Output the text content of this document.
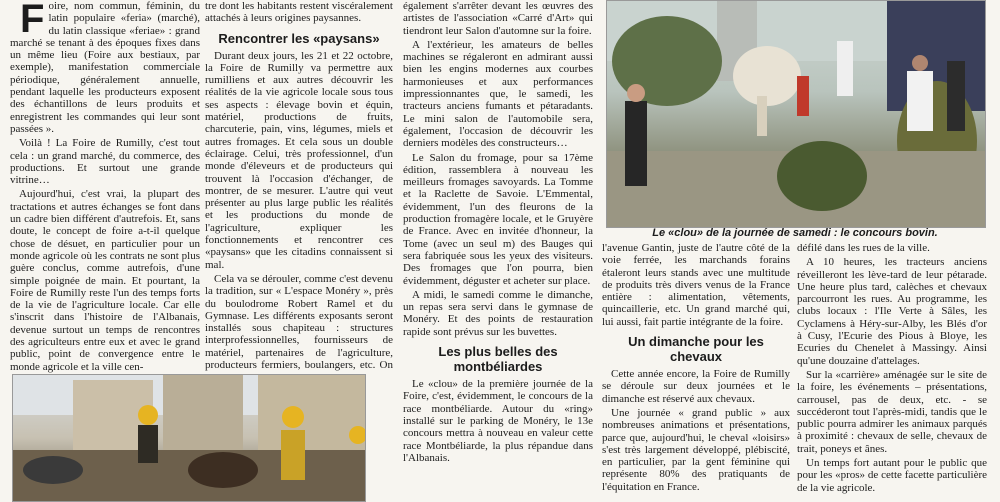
F oire, nom commun, féminin, du latin populaire «feria» (marché), du latin classique «feriae» : grand marché se tenant à des époques fixes dans un même lieu (Foire aux bestiaux, par exemple), manifestation commerciale périodique, généralement annuelle, pendant laquelle les producteurs exposent des échantillons de leurs produits et enregistrent les commandes qui leur sont passées ».

Voilà ! La Foire de Rumilly, c'est tout cela : un grand marché, du commerce, des productions. Et surtout une grande vitrine…

Aujourd'hui, c'est vrai, la plupart des tractations et autres échanges se font dans un cadre bien différent d'autrefois. Et, sans doute, le concept de foire a-t-il quelque chose de désuet, en particulier pour un monde agricole où les contrats ne sont plus guère conclus, comme autrefois, d'une simple poignée de main. Et pourtant, la Foire de Rumilly reste l'un des temps forts de la vie de l'agriculture locale. Car elle s'inscrit dans l'histoire de l'Albanais, devenue surtout un temps de rencontres des agriculteurs entre eux et avec le grand public, point de convergence entre le monde agricole et la ville cen-

tre dont les habitants restent viscéralement attachés à leurs origines paysannes.

Rencontrer les «paysans»

Durant deux jours, les 21 et 22 octobre, la Foire de Rumilly va permettre aux rumilliens et aux autres découvrir les réalités de la vie agricole locale sous tous ses aspects : élevage bovin et équin, matériel, productions de fruits, charcuterie, pain, vins, légumes, miels et autres fromages. Et cela sous un double éclairage. Celui, très professionnel, d'un monde d'éleveurs et de producteurs qui trouvent là l'occasion d'échanger, de montrer, de se mesurer. L'autre qui veut présenter au plus large public les réalités et les productions du monde de l'agriculture, expliquer les fonctionnements et rencontrer ces «paysans» que les citadins connaissent si mal.

Cela va se dérouler, comme c'est devenu la tradition, sur « L'espace Monéry », près du boulodrome Robert Ramel et du Gymnase. Les différents exposants seront installés sous chapiteau : structures interprofessionnelles, fournisseurs de matériel, partenaires de l'agriculture, producteurs fermiers, boulangers, etc. On

également s'arrêter devant les œuvres des artistes de l'association «Carré d'Art» qui tiendront leur Salon d'automne sur la foire.

A l'extérieur, les amateurs de belles machines se régaleront en admirant aussi bien les engins modernes aux courbes harmonieuses et aux performances impressionnantes que, le samedi, les tracteurs anciens fumants et pétaradants. Le mini salon de l'automobile sera, également, l'occasion de découvrir les derniers modèles des constructeurs…

Le Salon du fromage, pour sa 17ème édition, rassemblera à nouveau les meilleurs fromages savoyards. La Tomme et la Raclette de Savoie. L'Emmental, évidemment, l'un des fleurons de la production fromagère locale, et le Gruyère de France. Avec en invitée d'honneur, la Tome (avec un seul m) des Bauges qui sera fabriquée sous les yeux des visiteurs. Des fromages que l'on pourra, bien évidemment, déguster et acheter sur place.

A midi, le samedi comme le dimanche, un repas sera servi dans le gymnase de Monéry. Et des points de restauration rapide sont prévus sur les buvettes.

Les plus belles des montbéliardes

Le «clou» de la première journée de la Foire, c'est, évidemment, le concours de la race montbéliarde. Autour du «ring» installé sur le parking de Monéry, le 13e concours mettra à nouveau en valeur cette race Montbéliarde, la plus répandue dans l'Albanais.

Le «clou» de la journée de samedi : le concours bovin.

l'avenue Gantin, juste de l'autre côté de la voie ferrée, les marchands forains étaleront leurs stands avec une multitude de produits très divers venus de la France entière : alimentation, vêtements, quincaillerie, etc. Un grand marché qui, lui aussi, fait partie intégrante de la foire.

Un dimanche pour les chevaux

Cette année encore, la Foire de Rumilly se déroule sur deux journées et le dimanche est réservé aux chevaux.

Une journée « grand public » aux nombreuses animations et présentations, parce que, aujourd'hui, le cheval «loisirs» s'est très largement développé, plébiscité, en particulier, par la gent féminine qui représente 80% des pratiquants de l'équitation en France.

défilé dans les rues de la ville.

A 10 heures, les tracteurs anciens réveilleront les lève-tard de leur pétarade. Une heure plus tard, calèches et chevaux parcourront les rues. Au programme, les clubs locaux : l'Ile Verte à Sâles, les Cyclamens à Héry-sur-Alby, les Blés d'or à Cusy, l'Ecurie des Pious à Bloye, les Ecuries du Chenelet à Massingy. Ainsi qu'une douzaine d'attelages.

Sur la «carrière» aménagée sur le site de la foire, les événements – présentations, carrousel, pas de deux, etc. - se succéderont tout l'après-midi, tandis que le public pourra admirer les animaux parqués à proximité : chevaux de selle, chevaux de trait, poneys et ânes.

Un temps fort autant pour le public que pour les «pros» de cette facette particulière de la vie agricole.
